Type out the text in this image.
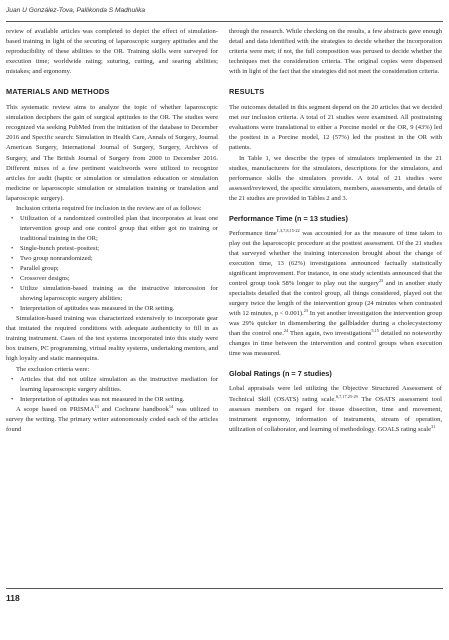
Juan U González-Tova, Pallikonda S Madhulika

review of available articles was completed to depict the effect of simulation-based training in light of the securing of laparoscopic surgery aptitudes and the reproducibility of these abilities to the OR. Training skills were surveyed for execution time; worldwide rating; suturing, cutting, and searing abilities; mistakes; and ergonomy.

MATERIALS AND METHODS

This systematic review aims to analyze the topic of whether laparoscopic simulation deciphers the gain of surgical aptitudes to the OR. The studies were recognized via seeking PubMed from the initiation of the database to December 2016 and Specific search: Simulation in Health Care, Annals of Surgery, Journal American Surgery, International Journal of Surgery, Surgery, Archives of Surgery, and The British Journal of Surgery from 2000 to December 2016. Different mixes of a few pertinent watchwords were utilized to recognize articles for audit (haptic or simulation or simulation education or simulation medicine or laparoscopic simulation or simulation training or translation and laparoscopic surgery).

Inclusion criteria required for inclusion in the review are of as follows:

• Utilization of a randomized controlled plan that incorporates at least one intervention group and one control group that either got no training or traditional training in the OR;
• Single-bunch pretest–posttest;
• Two group nonrandomized;
• Parallel group;
• Crossover designs;
• Utilize simulation-based training as the instructive intercession for showing laparoscopic surgery abilities;
• Interpretation of aptitudes was measured in the OR setting.

Simulation-based training was characterized extensively to incorporate gear that imitated the required conditions with adequate authenticity to fill in as training instrument. Cases of the test systems incorporated into this study were box trainers, PC programming, virtual reality systems, undertaking mentors, and high loyalty and static mannequins.

The exclusion criteria were:

• Articles that did not utilize simulation as the instructive mediation for learning laparoscopic surgery abilities.
• Interpretation of aptitudes was not measured in the OR setting.

A scope based on PRISMA$^{13}$ and Cochrane handbook$^{14}$ was utilized to survey the writing. The primary writer autonomously coded each of the articles found

through the research. While checking on the results, a few abstracts gave enough detail and data identified with the strategies to decide whether the incorporation criteria were met; if not, the full composition was perused to decide whether the techniques met the consideration criteria. The original copies were dispensed with in light of the fact that the strategies did not meet the consideration criteria.

RESULTS

The outcomes detailed in this segment depend on the 20 articles that we decided met our inclusion criteria. A total of 21 studies were examined. All posttraining evaluations were translational to either a Porcine model or the OR, 9 (43%) led the posttest in a Porcine model, 12 (57%) led the posttest in the OR with patients.

In Table 1, we describe the types of simulators implemented in the 21 studies, manufacturers for the simulators, descriptions for the simulators, and performance skills the simulators provide. A total of 21 studies were assessed/reviewed, the specific simulators, members, assessments, and details of the 21 studies are provided in Tables 2 and 3.

Performance Time (n = 13 studies)

Performance time$^{1,3,7,8,15-22}$ was accounted for as the measure of time taken to play out the laparoscopic procedure at the posttest assessment. Of the 21 studies that surveyed whether the training intercession brought about the change of execution time, 13 (62%) investigations announced factually statistically significant improvement. For instance, in one study scientists announced that the control group took 58% longer to play out the surgery$^{23}$ and in another study specialists detailed that the control group, all things considered, played out the surgery twice the length of the intervention group (24 minutes when contrasted with 12 minutes, p < 0.001).$^{23}$ In yet another investigation the intervention group was 29% quicker in dismembering the gallbladder during a cholecystectomy than the control one.$^{24}$ Then again, two investigations$^{5,15}$ detailed no noteworthy changes in time between the intervention and control groups when execution time was measured.

Global Ratings (n = 7 studies)

Lobal appraisals were led utilizing the Objective Structured Assessment of Technical Skill (OSATS) rating scale.$^{6,7,17,25-29}$ The OSATS assessment tool assesses members on regard for tissue dissection, time and movement, instrument ergonomy, information of instruments, stream of operation, utilization of collaborator, and learning of methodology. GOALS rating scale$^{31}$

118
